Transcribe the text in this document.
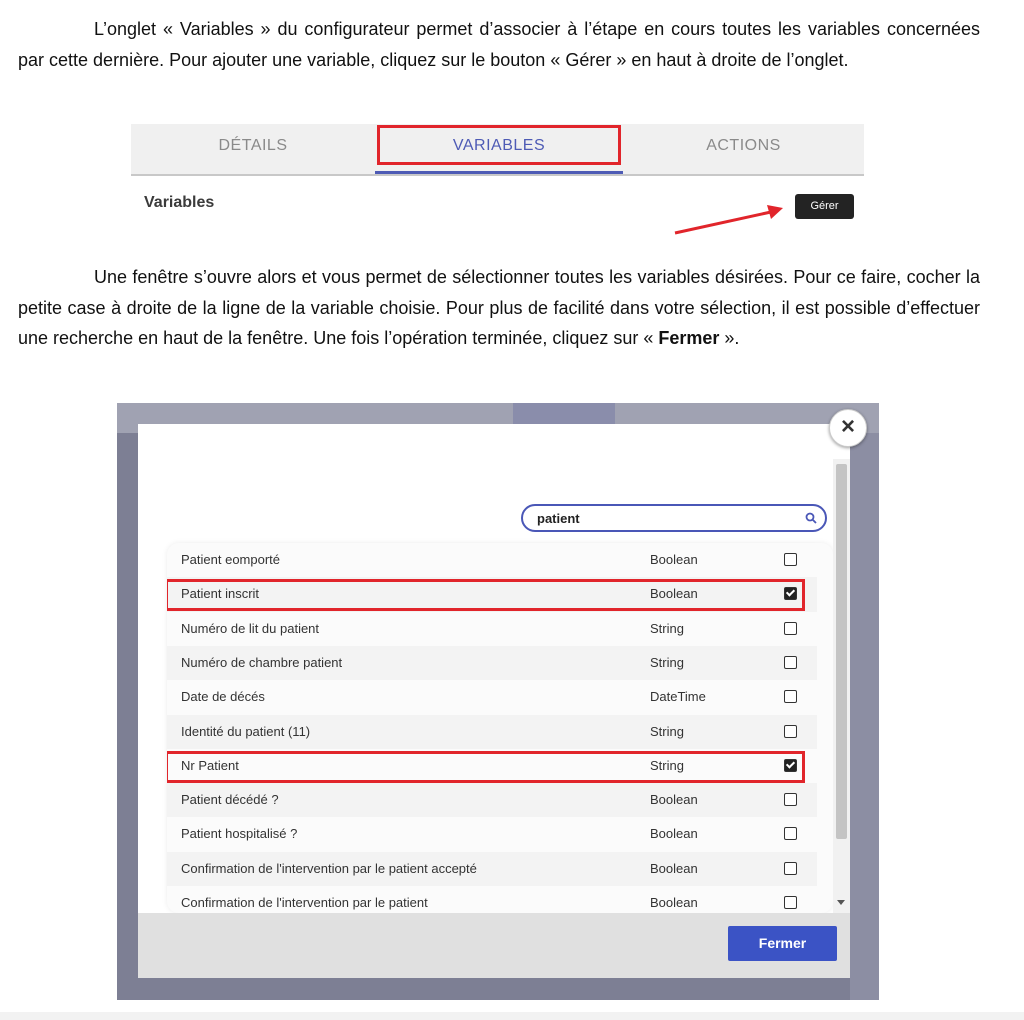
L’onglet « Variables » du configurateur permet d’associer à l’étape en cours toutes les variables concernées par cette dernière. Pour ajouter une variable, cliquez sur le bouton « Gérer » en haut à droite de l’onglet.

DÉTAILS	VARIABLES	ACTIONS
Variables	Gérer

Une fenêtre s’ouvre alors et vous permet de sélectionner toutes les variables désirées. Pour ce faire, cocher la petite case à droite de la ligne de la variable choisie. Pour plus de facilité dans votre sélection, il est possible d’effectuer une recherche en haut de la fenêtre. Une fois l’opération terminée, cliquez sur « Fermer ».

patient
Patient eomporté	Boolean
Patient inscrit	Boolean
Numéro de lit du patient	String
Numéro de chambre patient	String
Date de décés	DateTime
Identité du patient (11)	String
Nr Patient	String
Patient décédé ?	Boolean
Patient hospitalisé ?	Boolean
Confirmation de l'intervention par le patient accepté	Boolean
Confirmation de l'intervention par le patient	Boolean
Fermer
×
